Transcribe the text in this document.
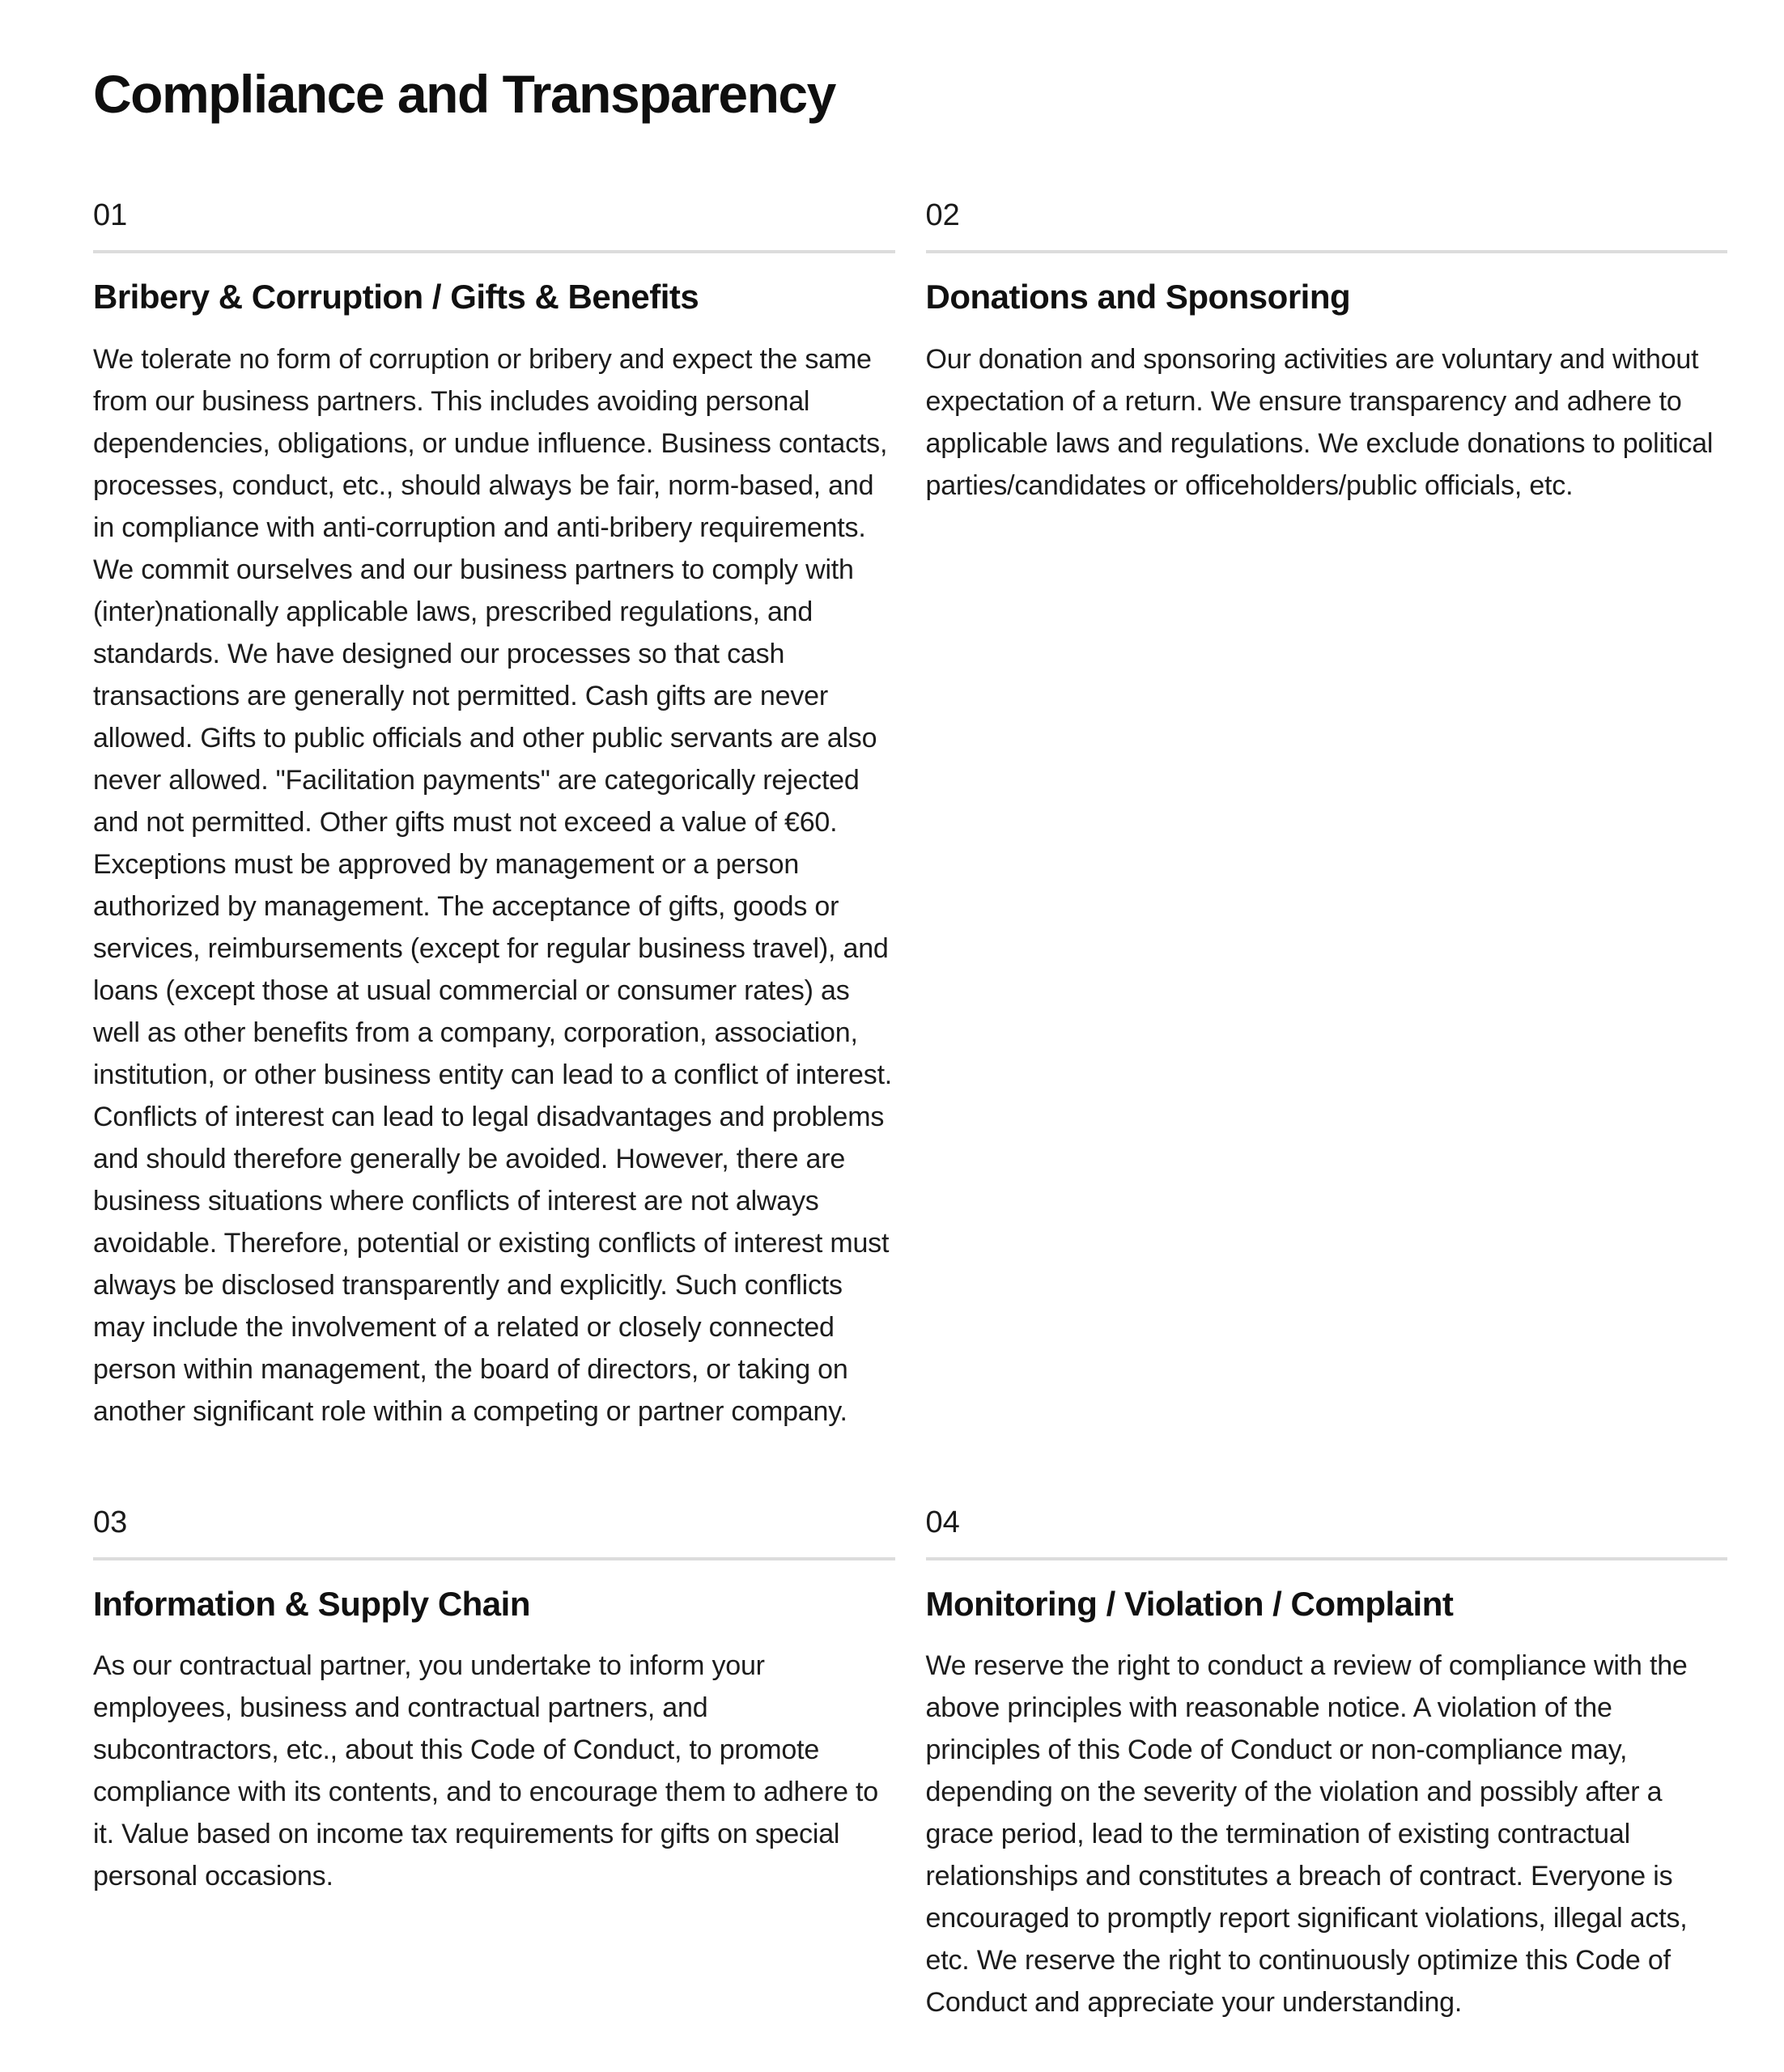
Compliance and Transparency
01
Bribery & Corruption / Gifts & Benefits

We tolerate no form of corruption or bribery and expect the same from our business partners. This includes avoiding personal dependencies, obligations, or undue influence. Business contacts, processes, conduct, etc., should always be fair, norm-based, and in compliance with anti-corruption and anti-bribery requirements. We commit ourselves and our business partners to comply with (inter)nationally applicable laws, prescribed regulations, and standards. We have designed our processes so that cash transactions are generally not permitted. Cash gifts are never allowed. Gifts to public officials and other public servants are also never allowed. "Facilitation payments" are categorically rejected and not permitted. Other gifts must not exceed a value of €60. Exceptions must be approved by management or a person authorized by management. The acceptance of gifts, goods or services, reimbursements (except for regular business travel), and loans (except those at usual commercial or consumer rates) as well as other benefits from a company, corporation, association, institution, or other business entity can lead to a conflict of interest. Conflicts of interest can lead to legal disadvantages and problems and should therefore generally be avoided. However, there are business situations where conflicts of interest are not always avoidable. Therefore, potential or existing conflicts of interest must always be disclosed transparently and explicitly. Such conflicts may include the involvement of a related or closely connected person within management, the board of directors, or taking on another significant role within a competing or partner company.

02
Donations and Sponsoring

Our donation and sponsoring activities are voluntary and without expectation of a return. We ensure transparency and adhere to applicable laws and regulations. We exclude donations to political parties/candidates or officeholders/public officials, etc.

03
Information & Supply Chain

As our contractual partner, you undertake to inform your employees, business and contractual partners, and subcontractors, etc., about this Code of Conduct, to promote compliance with its contents, and to encourage them to adhere to it. Value based on income tax requirements for gifts on special personal occasions.

04
Monitoring / Violation / Complaint

We reserve the right to conduct a review of compliance with the above principles with reasonable notice. A violation of the principles of this Code of Conduct or non-compliance may, depending on the severity of the violation and possibly after a grace period, lead to the termination of existing contractual relationships and constitutes a breach of contract. Everyone is encouraged to promptly report significant violations, illegal acts, etc. We reserve the right to continuously optimize this Code of Conduct and appreciate your understanding.
